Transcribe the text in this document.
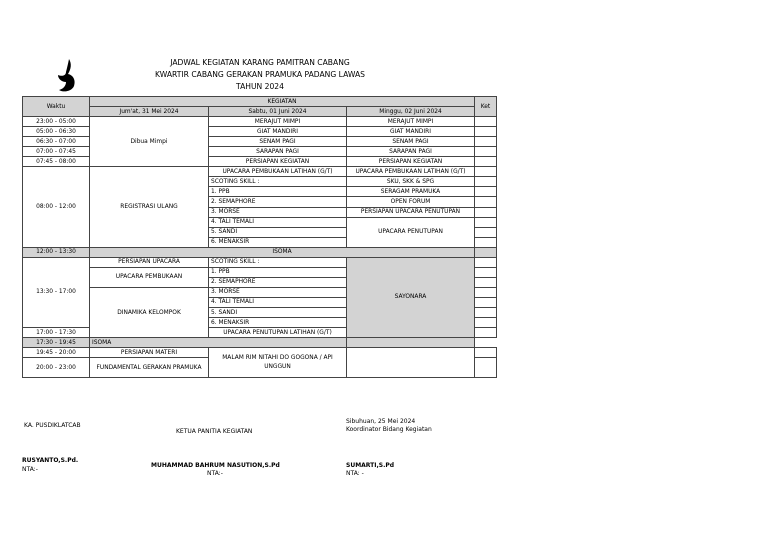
JADWAL KEGIATAN KARANG PAMITRAN CABANG
KWARTIR CABANG GERAKAN PRAMUKA PADANG LAWAS
TAHUN 2024
Waktu	KEGIATAN			Ket
	Jum'at, 31 Mei 2024	Sabtu, 01 Juni 2024	Minggu, 02 Juni 2024	
23:00 - 05:00	Dibua Mimpi	MERAJUT MIMPI	MERAJUT MIMPI	
05:00 - 06:30		GIAT MANDIRI	GIAT MANDIRI	
06:30 - 07:00		SENAM PAGI	SENAM PAGI	
07:00 - 07:45		SARAPAN PAGI	SARAPAN PAGI	
07:45 - 08:00		PERSIAPAN KEGIATAN	PERSIAPAN KEGIATAN	
08:00 - 12:00	REGISTRASI ULANG	UPACARA PEMBUKAAN LATIHAN (G/T)	UPACARA PEMBUKAAN LATIHAN (G/T)	
		SCOTING SKILL :	SKU, SKK & SPG	
		1. PPB	SERAGAM PRAMUKA	
		2. SEMAPHORE	OPEN FORUM	
		3. MORSE	PERSIAPAN UPACARA PENUTUPAN	
		4. TALI TEMALI	UPACARA PENUTUPAN	
		5. SANDI		
		6. MENAKSIR		
12:00 - 13:30	ISOMA			
13:30 - 17:00	PERSIAPAN UPACARA	SCOTING SKILL :	SAYONARA	
	UPACARA PEMBUKAAN	1. PPB		
		2. SEMAPHORE		
	DINAMIKA KELOMPOK	3. MORSE		
		4. TALI TEMALI		
		5. SANDI		
		6. MENAKSIR		
17:00 - 17:30		UPACARA PENUTUPAN LATIHAN (G/T)		
17:30 - 19:45	ISOMA			
19:45 - 20:00	PERSIAPAN MATERI	MALAM RIM NITAHI DO GOGONA / API UNGGUN		
20:00 - 23:00	FUNDAMENTAL GERAKAN PRAMUKA			
KA. PUSDIKLATCAB
RUSYANTO,S.Pd.
NTA:-
KETUA PANITIA KEGIATAN
MUHAMMAD BAHRUM NASUTION,S.Pd
NTA:-
Sibuhuan, 25 Mei 2024
Koordinator Bidang Kegiatan
SUMARTI,S.Pd
NTA: -
